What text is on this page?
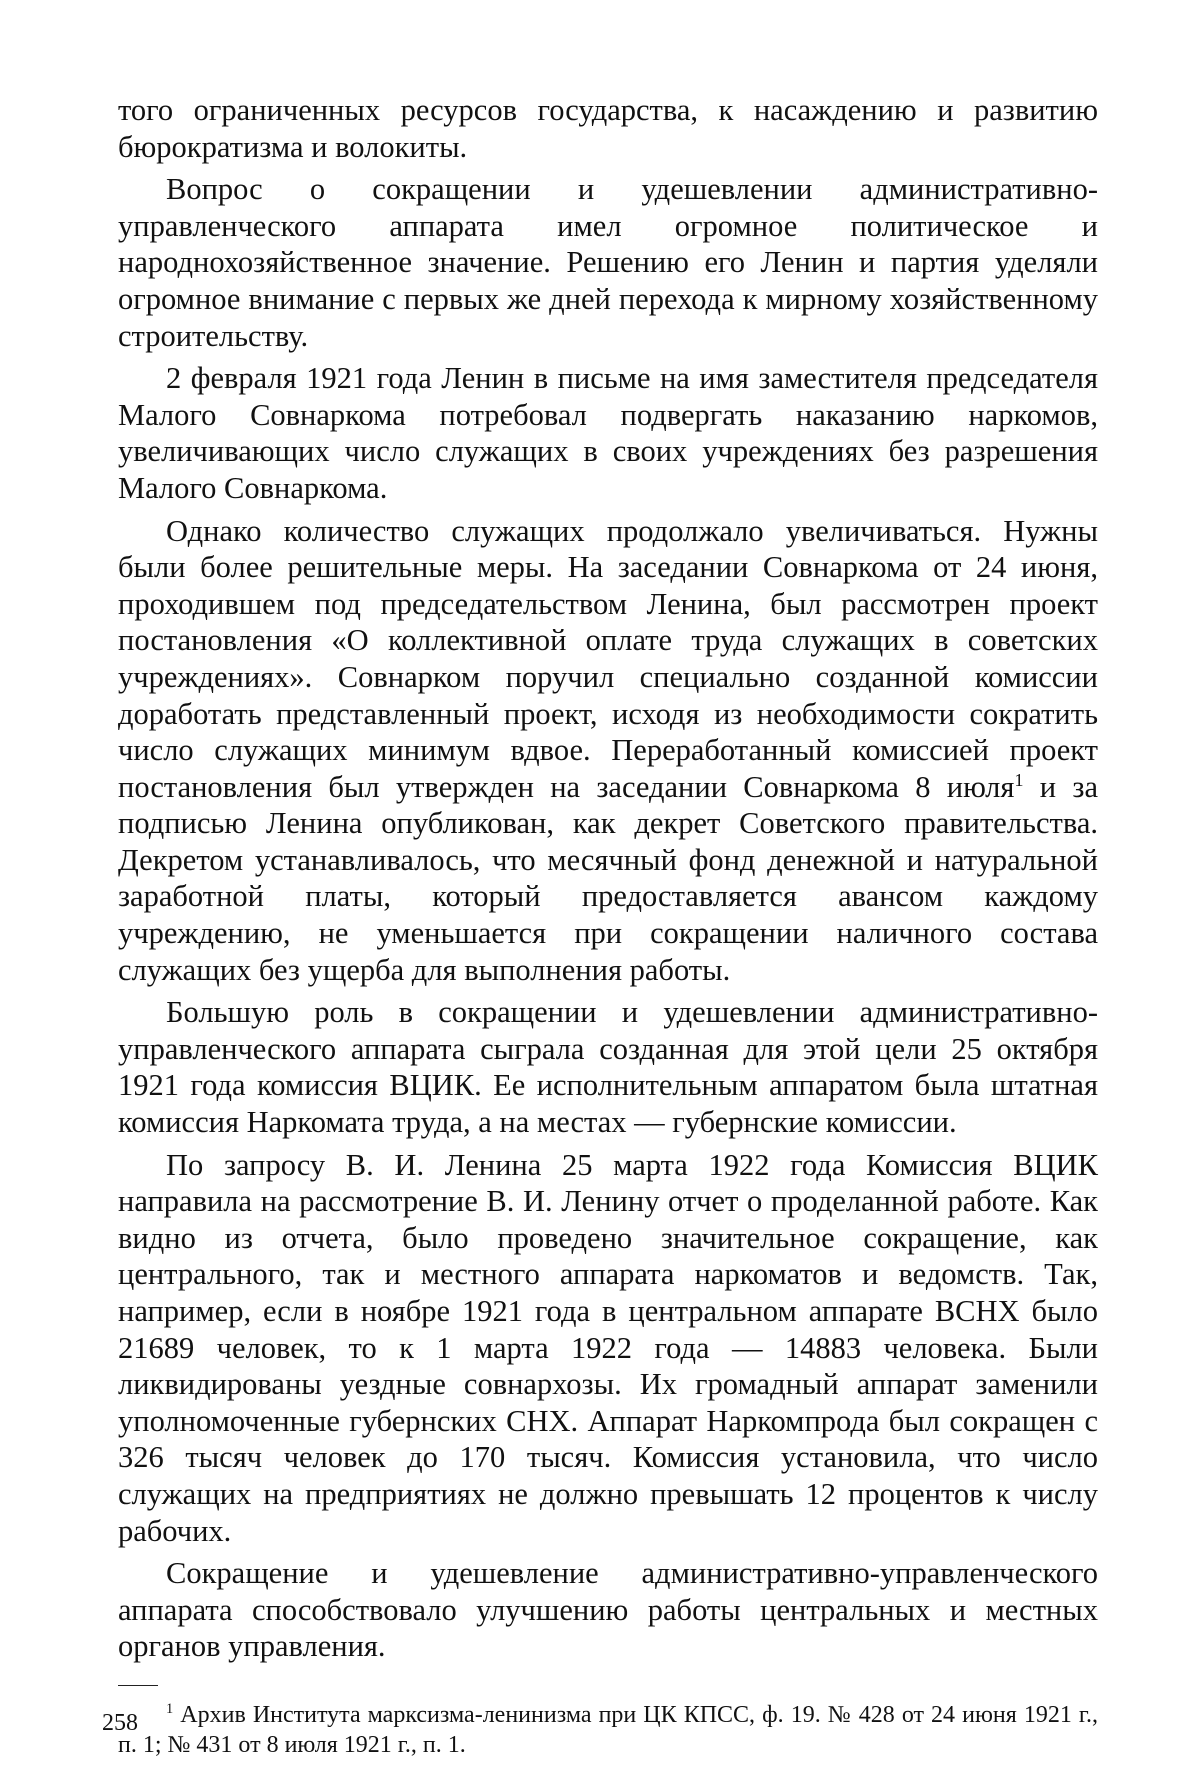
того ограниченных ресурсов государства, к насаждению и развитию бюрократизма и волокиты.

Вопрос о сокращении и удешевлении административно-управленческого аппарата имел огромное политическое и народнохозяйственное значение. Решению его Ленин и партия уделяли огромное внимание с первых же дней перехода к мирному хозяйственному строительству.

2 февраля 1921 года Ленин в письме на имя заместителя председателя Малого Совнаркома потребовал подвергать наказанию наркомов, увеличивающих число служащих в своих учреждениях без разрешения Малого Совнаркома.

Однако количество служащих продолжало увеличиваться. Нужны были более решительные меры. На заседании Совнаркома от 24 июня, проходившем под председательством Ленина, был рассмотрен проект постановления «О коллективной оплате труда служащих в советских учреждениях». Совнарком поручил специально созданной комиссии доработать представленный проект, исходя из необходимости сократить число служащих минимум вдвое. Переработанный комиссией проект постановления был утвержден на заседании Совнаркома 8 июля$^1$ и за подписью Ленина опубликован, как декрет Советского правительства. Декретом устанавливалось, что месячный фонд денежной и натуральной заработной платы, который предоставляется авансом каждому учреждению, не уменьшается при сокращении наличного состава служащих без ущерба для выполнения работы.

Большую роль в сокращении и удешевлении административно-управленческого аппарата сыграла созданная для этой цели 25 октября 1921 года комиссия ВЦИК. Ее исполнительным аппаратом была штатная комиссия Наркомата труда, а на местах — губернские комиссии.

По запросу В. И. Ленина 25 марта 1922 года Комиссия ВЦИК направила на рассмотрение В. И. Ленину отчет о проделанной работе. Как видно из отчета, было проведено значительное сокращение, как центрального, так и местного аппарата наркоматов и ведомств. Так, например, если в ноябре 1921 года в центральном аппарате ВСНХ было 21689 человек, то к 1 марта 1922 года — 14883 человека. Были ликвидированы уездные совнархозы. Их громадный аппарат заменили уполномоченные губернских СНХ. Аппарат Наркомпрода был сокращен с 326 тысяч человек до 170 тысяч. Комиссия установила, что число служащих на предприятиях не должно превышать 12 процентов к числу рабочих.

Сокращение и удешевление административно-управленческого аппарата способствовало улучшению работы центральных и местных органов управления.

$^1$ Архив Института марксизма-ленинизма при ЦК КПСС, ф. 19. № 428 от 24 июня 1921 г., п. 1; № 431 от 8 июля 1921 г., п. 1.

258
